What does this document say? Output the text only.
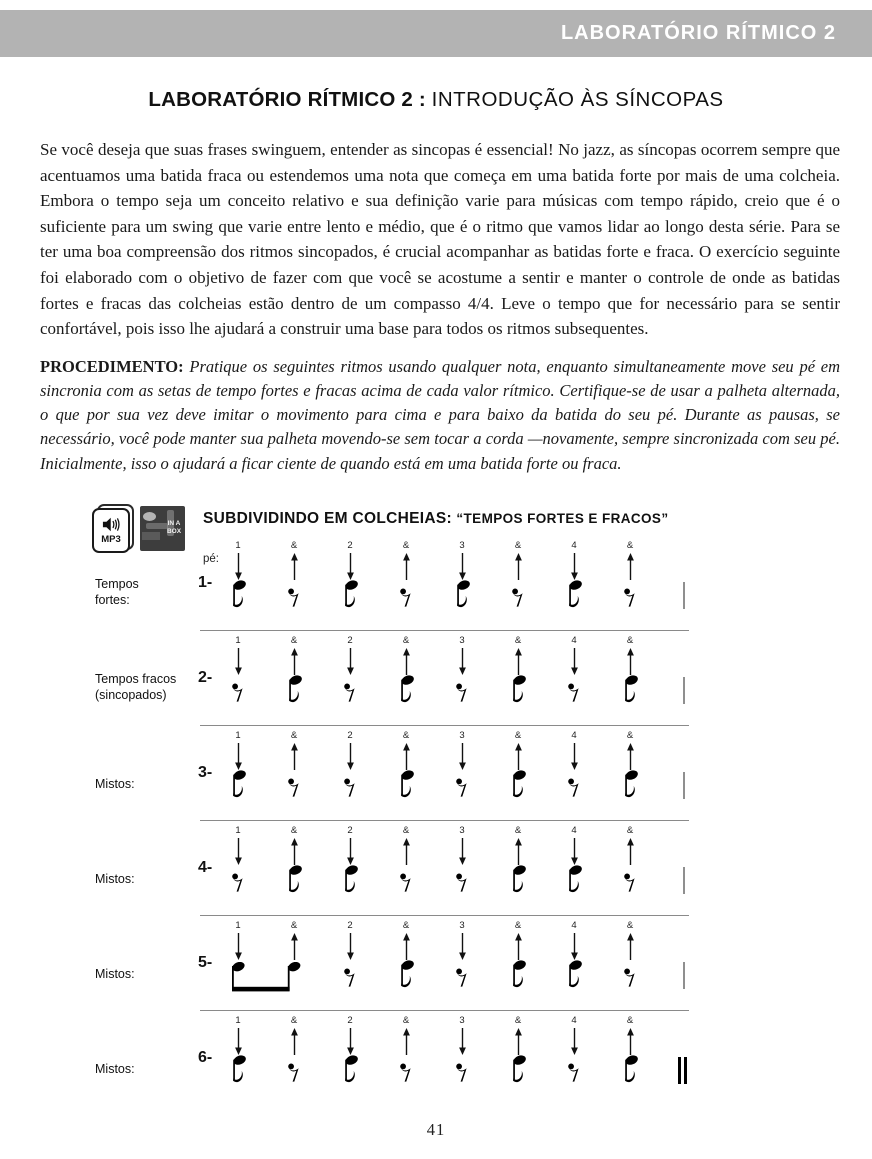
LABORATÓRIO RÍTMICO 2
LABORATÓRIO RÍTMICO 2 : INTRODUÇÃO ÀS SÍNCOPAS

Se você deseja que suas frases swinguem, entender as sincopas é essencial! No jazz, as síncopas ocorrem sempre que acentuamos uma batida fraca ou estendemos uma nota que começa em uma batida forte por mais de uma colcheia. Embora o tempo seja um conceito relativo e sua definição varie para músicas com tempo rápido, creio que é o suficiente para um swing que varie entre lento e médio, que é o ritmo que vamos lidar ao longo desta série. Para se ter uma boa compreensão dos ritmos sincopados, é crucial acompanhar as batidas forte e fraca. O exercício seguinte foi elaborado com o objetivo de fazer com que você se acostume a sentir e manter o controle de onde as batidas fortes e fracas das colcheias estão dentro de um compasso 4/4. Leve o tempo que for necessário para se sentir confortável, pois isso lhe ajudará a construir uma base para todos os ritmos subsequentes.

PROCEDIMENTO: Pratique os seguintes ritmos usando qualquer nota, enquanto simultaneamente move seu pé em sincronia com as setas de tempo fortes e fracas acima de cada valor rítmico. Certifique-se de usar a palheta alternada, o que por sua vez deve imitar o movimento para cima e para baixo da batida do seu pé. Durante as pausas, se necessário, você pode manter sua palheta movendo-se sem tocar a corda —novamente, sempre sincronizada com seu pé. Inicialmente, isso o ajudará a ficar ciente de quando está em uma batida forte ou fraca.

MP3
IN A BOX
SUBDIVIDINDO EM COLCHEIAS: “TEMPOS FORTES E FRACOS”
Tempos
fortes:
pé:
1-
1	&	2	&	3	&	4	&
Tempos fracos
(sincopados)
2-
1	&	2	&	3	&	4	&
Mistos:
3-
1	&	2	&	3	&	4	&
Mistos:
4-
1	&	2	&	3	&	4	&
Mistos:
5-
1	&	2	&	3	&	4	&
Mistos:
6-
1	&	2	&	3	&	4	&
41
